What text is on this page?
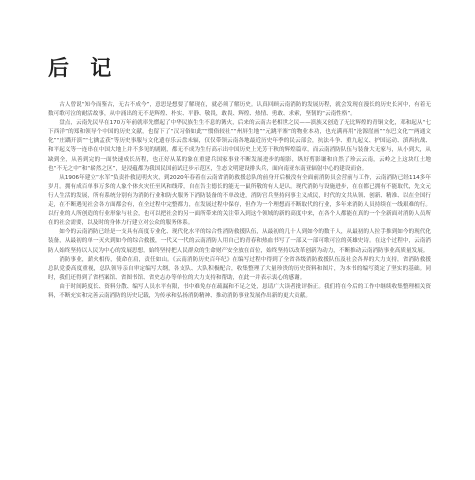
后 记

古人曾说“知今而鉴古，无古不成今”，意思是想要了解现在，就必须了解历史。认真回顾云南消防的发展历程，就会发现在漫长的历史长河中，有着无数可歌可泣的耐活故事，从中涌出的无不是辉煌、朴实、平静、敬畏，敢畏、辉煌、热情、勇敢、求索，坚韧的“云南性格”。

盘点，云南先民早在170万年前就率先燃起了中华民族生生不息的篝火，后来的云南古老相世之民——滇族又创造了无比辉煌的青铜文化，邓和起从“七下西洋”的郑和领导个中国的历史文献，也留下了“汉习俗如此”“惯俗较社”“州屏生地”“元跳平寨”的物业本功，也充满再用“沧源崖画”“东巴文化”“两通文化”“庄蹻开滇”“七擒孟获”等历史事服与文化遗存乐云盘未辐，仅仅带领云南各地最近历史年季的民云部会，抗法斗争、重九起义、护国运动、滇西抗战、和平起义等一连串在中国大地上并不多见的剧剧，都无不成为生行高示出中国历史上光芳干秋的辉煌篇章，而云南消防队伍与装备大无家与，从小到大，从缺到全，从善到完的一面快速成长历程，也正好从某的象在重建兵国家事业不断发展进步的缩影，纵好剪影谦和自然了珍云云南，云岭之上这块红土地也“不无之中”和“崭然之区”，是浸蕴都为我国民国前试迁步示范区，生态文明建设排头兵，面向南亚东南亚辐射中心的建设而奋。

从1906年建立“水军”负责扑救昆明火灾，到2020年春着在云南省消防救援总队的前身开后极没有全面前消防员会营前与工作，云南消防已经114多年岁月。拥有成百单事万多的人象个体火灾任至风和线带，自在告主德长的能无一鼠所敬的有人是认。现代消防与设施进步，在在都已拥有不能取代，先文元行人生活的发展，所有系统分别有为消防行业和防火服务下消防装备的不单改进，消防官兵坚持问事主义成民，时代的文共从领、创新、精准、以在全国行走，在不断遇见社会各方面都会有，在全过程中完整都力，在发展过程中保存，但作为一个理想而不断取代的行业，多年来消防人员持续在一线艰难的行。以行业的人所创造的行业形象与社会，也可以把社会的另一面所带来的关注带入到这个领域的新的高度中来，在各个人都能在真的一个全新面对消防人员所在的社会需要，以及时的身体力行建立对公众的服务体系。

如今的云南消防已经是一支具有高度专业化、现代化水平的综合性消防救援队伍，从最初的几十人到如今的数千人，从最初的人拉手推到如今的现代化装备，从最初的单一灭火到如今的综合救援，一代又一代的云南消防人用自己的青春和热血书写了一部又一部可歌可泣的英雄史诗。在这个过程中，云南消防人始终坚持以人民为中心的发展思想，始终坚持把人民群众的生命财产安全放在首位，始终坚持以改革创新为动力，不断推动云南消防事业高质量发展。

消防事业，薪火相传，使命在肩，责任如山。《云南消防历史百年纪》在编写过程中得到了全省各级消防救援队伍及社会各界的大力支持，省消防救援总队党委高度重视，总队领导亲自审定编写大纲，各支队、大队积极配合，收集整理了大量珍贵的历史资料和图片，为本书的编写奠定了坚实的基础。同时，我们还得到了省档案馆、省图书馆、省史志办等单位的大力支持和帮助，在此一并表示衷心的感谢。

由于时间跨度长、资料分散、编写人员水平有限，书中难免存在疏漏和不足之处，恳请广大读者批评指正。我们将在今后的工作中继续收集整理相关资料，不断充实和完善云南消防的历史记载，为传承和弘扬消防精神、推动消防事业发展作出新的更大贡献。
